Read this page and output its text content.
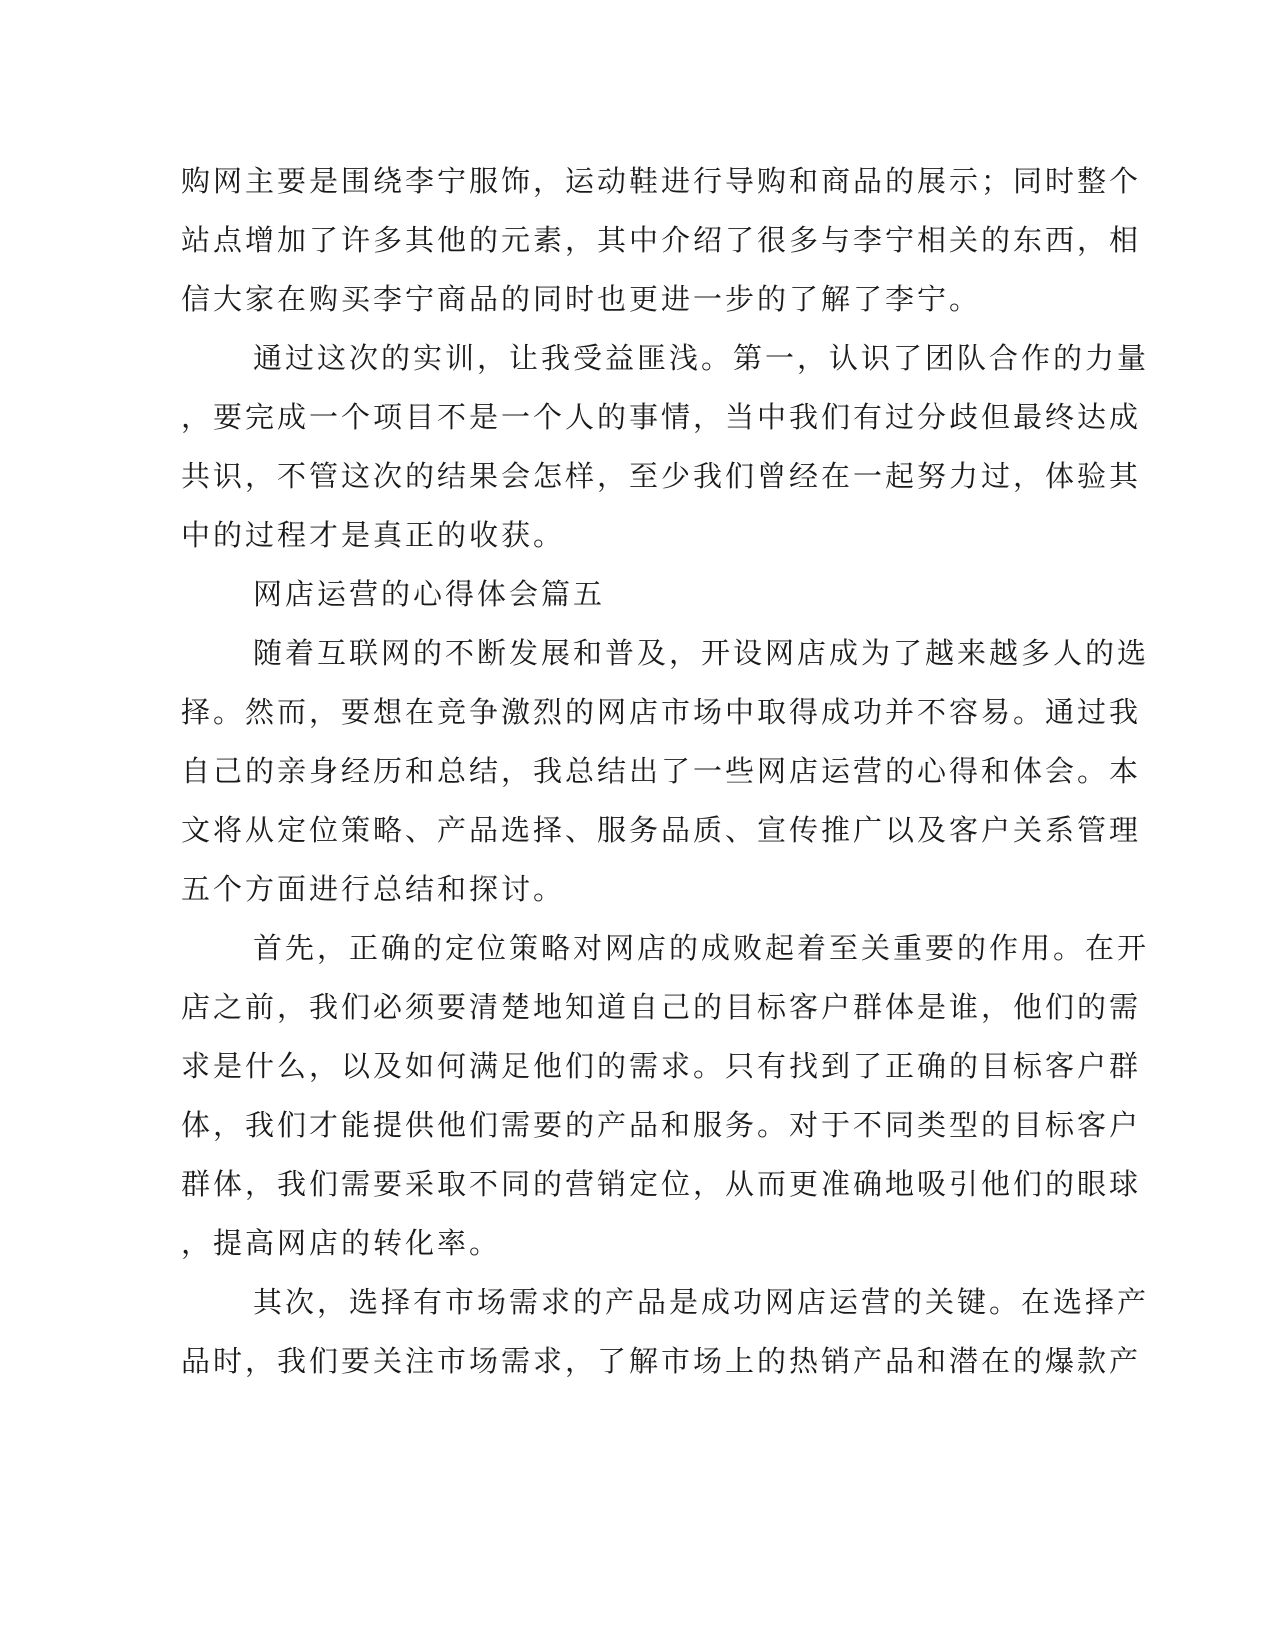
购网主要是围绕李宁服饰，运动鞋进行导购和商品的展示；同时整个
站点增加了许多其他的元素，其中介绍了很多与李宁相关的东西，相
信大家在购买李宁商品的同时也更进一步的了解了李宁。
通过这次的实训，让我受益匪浅。第一，认识了团队合作的力量
，要完成一个项目不是一个人的事情，当中我们有过分歧但最终达成
共识，不管这次的结果会怎样，至少我们曾经在一起努力过，体验其
中的过程才是真正的收获。
网店运营的心得体会篇五
随着互联网的不断发展和普及，开设网店成为了越来越多人的选
择。然而，要想在竞争激烈的网店市场中取得成功并不容易。通过我
自己的亲身经历和总结，我总结出了一些网店运营的心得和体会。本
文将从定位策略、产品选择、服务品质、宣传推广以及客户关系管理
五个方面进行总结和探讨。
首先，正确的定位策略对网店的成败起着至关重要的作用。在开
店之前，我们必须要清楚地知道自己的目标客户群体是谁，他们的需
求是什么，以及如何满足他们的需求。只有找到了正确的目标客户群
体，我们才能提供他们需要的产品和服务。对于不同类型的目标客户
群体，我们需要采取不同的营销定位，从而更准确地吸引他们的眼球
，提高网店的转化率。
其次，选择有市场需求的产品是成功网店运营的关键。在选择产
品时，我们要关注市场需求，了解市场上的热销产品和潜在的爆款产
